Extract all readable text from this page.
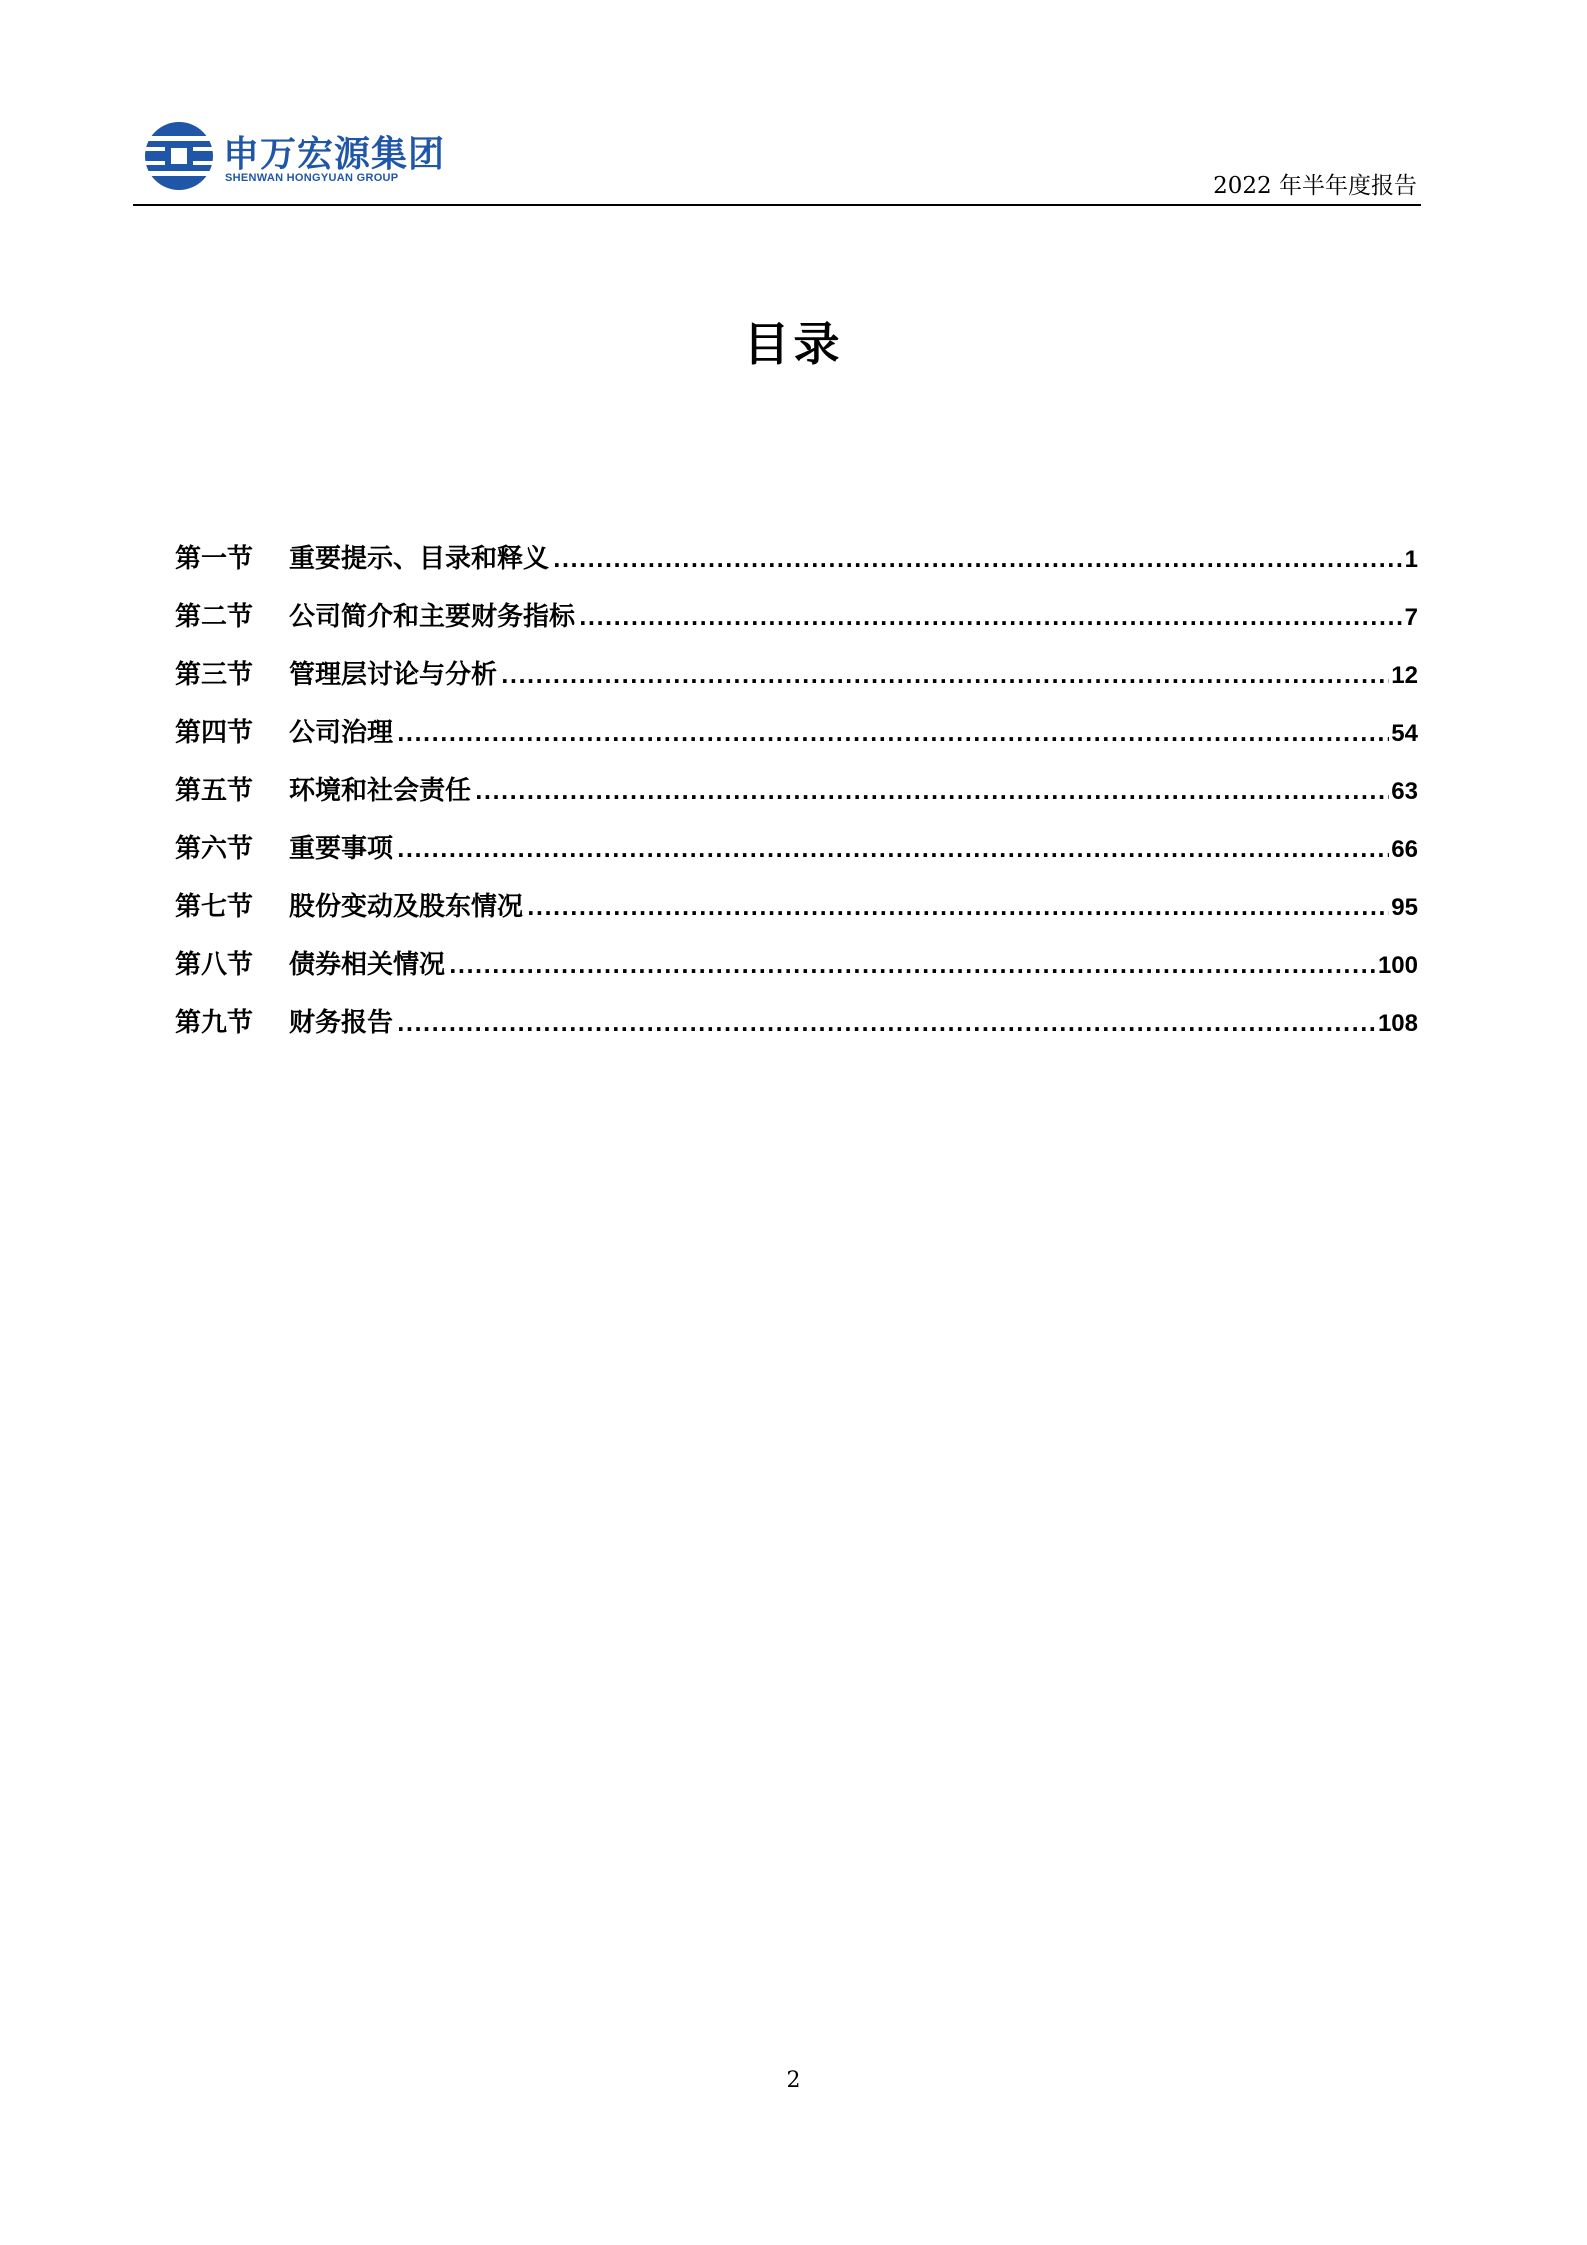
申万宏源集团
SHENWAN HONGYUAN GROUP	2022 年半年度报告
目录
第一节	重要提示、目录和释义 .....	1
第二节	公司简介和主要财务指标 .....	7
第三节	管理层讨论与分析 .....	12
第四节	公司治理 .....	54
第五节	环境和社会责任 .....	63
第六节	重要事项 .....	66
第七节	股份变动及股东情况 .....	95
第八节	债券相关情况 .....	100
第九节	财务报告 .....	108
2
